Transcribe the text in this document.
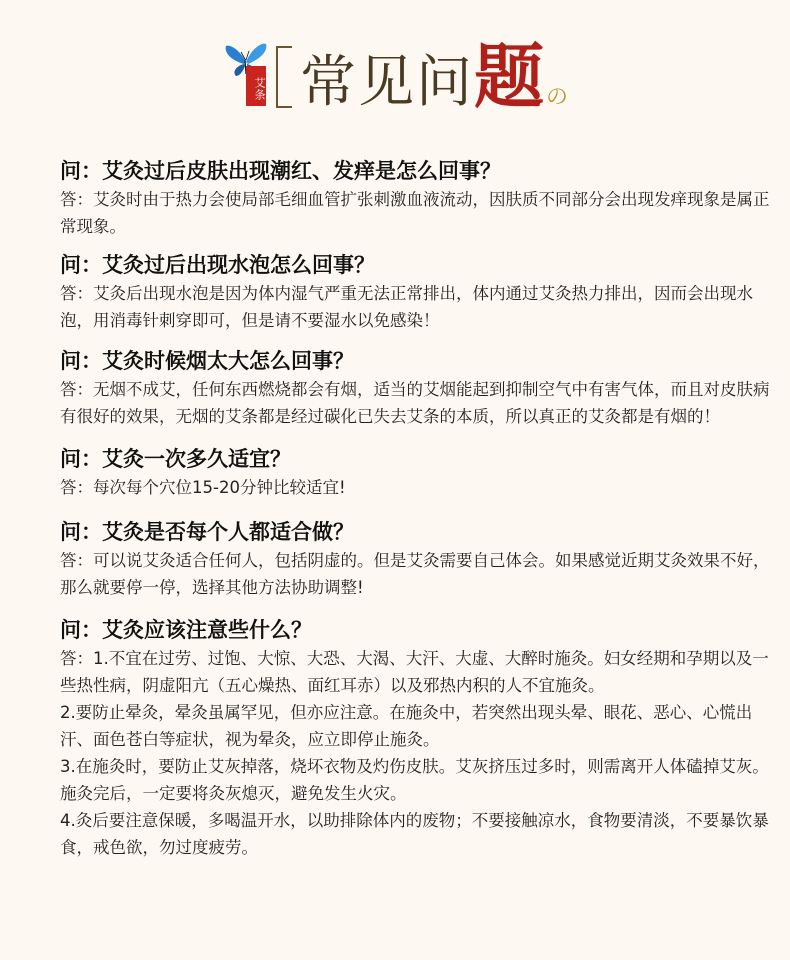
艾条 常见问题 の
问：艾灸过后皮肤出现潮红、发痒是怎么回事？

答：艾灸时由于热力会使局部毛细血管扩张刺激血液流动，因肤质不同部分会出现发痒现象是属正常现象。

问：艾灸过后出现水泡怎么回事？

答：艾灸后出现水泡是因为体内湿气严重无法正常排出，体内通过艾灸热力排出，因而会出现水泡，用消毒针刺穿即可，但是请不要湿水以免感染！

问：艾灸时候烟太大怎么回事？

答：无烟不成艾，任何东西燃烧都会有烟，适当的艾烟能起到抑制空气中有害气体，而且对皮肤病有很好的效果，无烟的艾条都是经过碳化已失去艾条的本质，所以真正的艾灸都是有烟的！

问：艾灸一次多久适宜？

答：每次每个穴位15-20分钟比较适宜!

问：艾灸是否每个人都适合做？

答：可以说艾灸适合任何人，包括阴虚的。但是艾灸需要自己体会。如果感觉近期艾灸效果不好，那么就要停一停，选择其他方法协助调整!

问：艾灸应该注意些什么？

答：1.不宜在过劳、过饱、大惊、大恐、大渴、大汗、大虚、大醉时施灸。妇女经期和孕期以及一些热性病，阴虚阳亢（五心燥热、面红耳赤）以及邪热内积的人不宜施灸。

2.要防止晕灸，晕灸虽属罕见，但亦应注意。在施灸中，若突然出现头晕、眼花、恶心、心慌出汗、面色苍白等症状，视为晕灸，应立即停止施灸。

3.在施灸时，要防止艾灰掉落，烧坏衣物及灼伤皮肤。艾灰挤压过多时，则需离开人体磕掉艾灰。施灸完后，一定要将灸灰熄灭，避免发生火灾。

4.灸后要注意保暖，多喝温开水，以助排除体内的废物；不要接触凉水，食物要清淡，不要暴饮暴食，戒色欲，勿过度疲劳。
